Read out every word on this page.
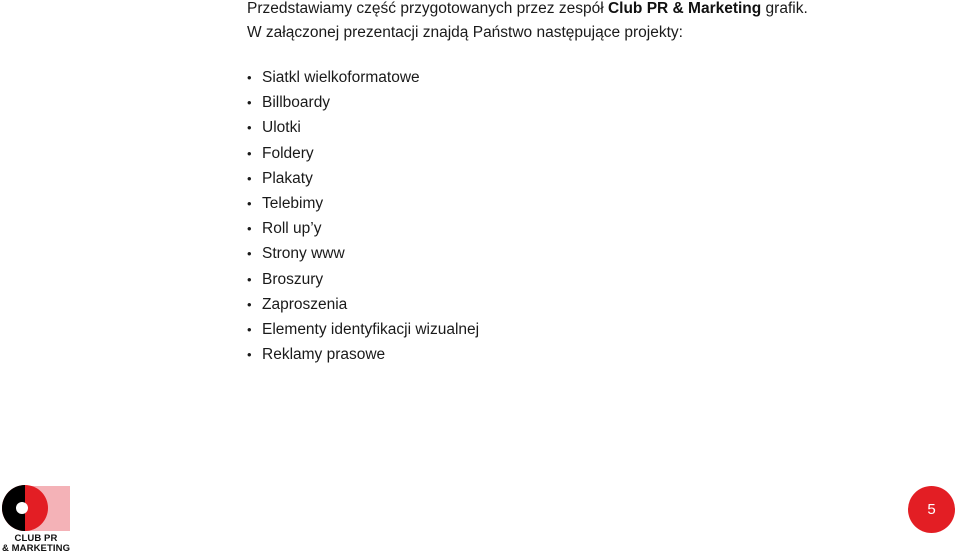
Przedstawiamy część przygotowanych przez zespół Club PR & Marketing grafik.
W załączonej prezentacji znajdą Państwo następujące projekty:

• Siatkl wielkoformatowe
• Billboardy
• Ulotki
• Foldery
• Plakaty
• Telebimy
• Roll up’y
• Strony www
• Broszury
• Zaproszenia
• Elementy identyfikacji wizualnej
• Reklamy prasowe
CLUB PR
& MARKETING
5
